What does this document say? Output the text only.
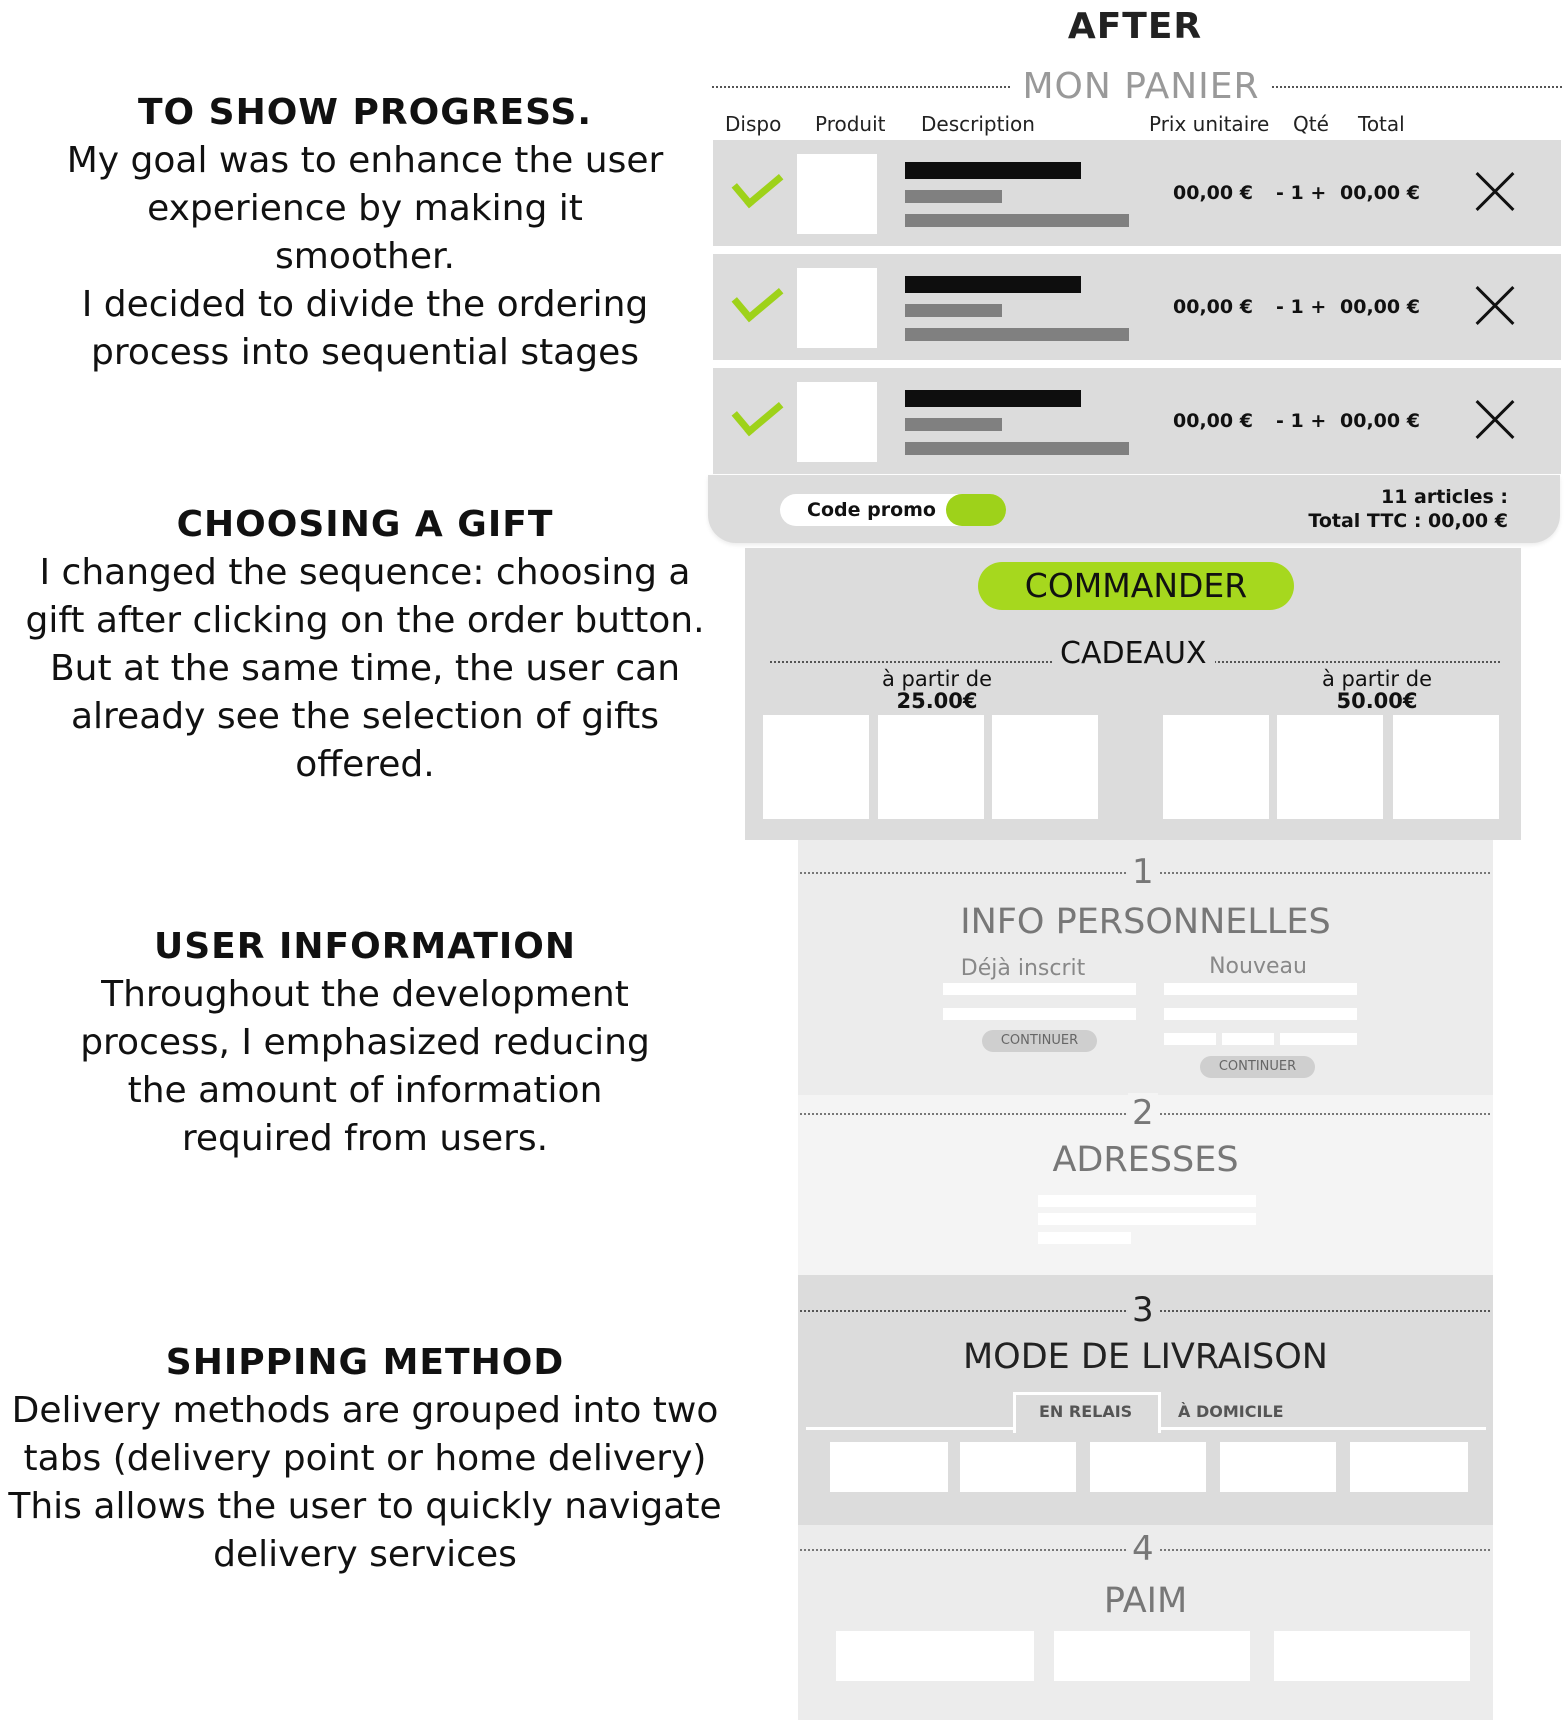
TO SHOW PROGRESS.
My goal was to enhance the user
experience by making it
smoother.
I decided to divide the ordering
process into sequential stages
CHOOSING A GIFT
I changed the sequence: choosing a
gift after clicking on the order button.
But at the same time, the user can
already see the selection of gifts
offered.
USER INFORMATION
Throughout the development
process, I emphasized reducing
the amount of information
required from users.
SHIPPING METHOD
Delivery methods are grouped into two
tabs (delivery point or home delivery)
This allows the user to quickly navigate
delivery services
AFTER
MON PANIER
Dispo Produit Description	Prix unitaire Qté Total
00,00 € - 1 + 00,00 €
00,00 € - 1 + 00,00 €
00,00 € - 1 + 00,00 €
Code promo
11 articles :
Total TTC : 00,00 €
COMMANDER
CADEAUX
à partir de
25.00€
à partir de
50.00€
1
INFO PERSONNELLES
Déjà inscrit	Nouveau
CONTINUER
CONTINUER
2
ADRESSES
3
MODE DE LIVRAISON
EN RELAIS	À DOMICILE
4
PAIM
